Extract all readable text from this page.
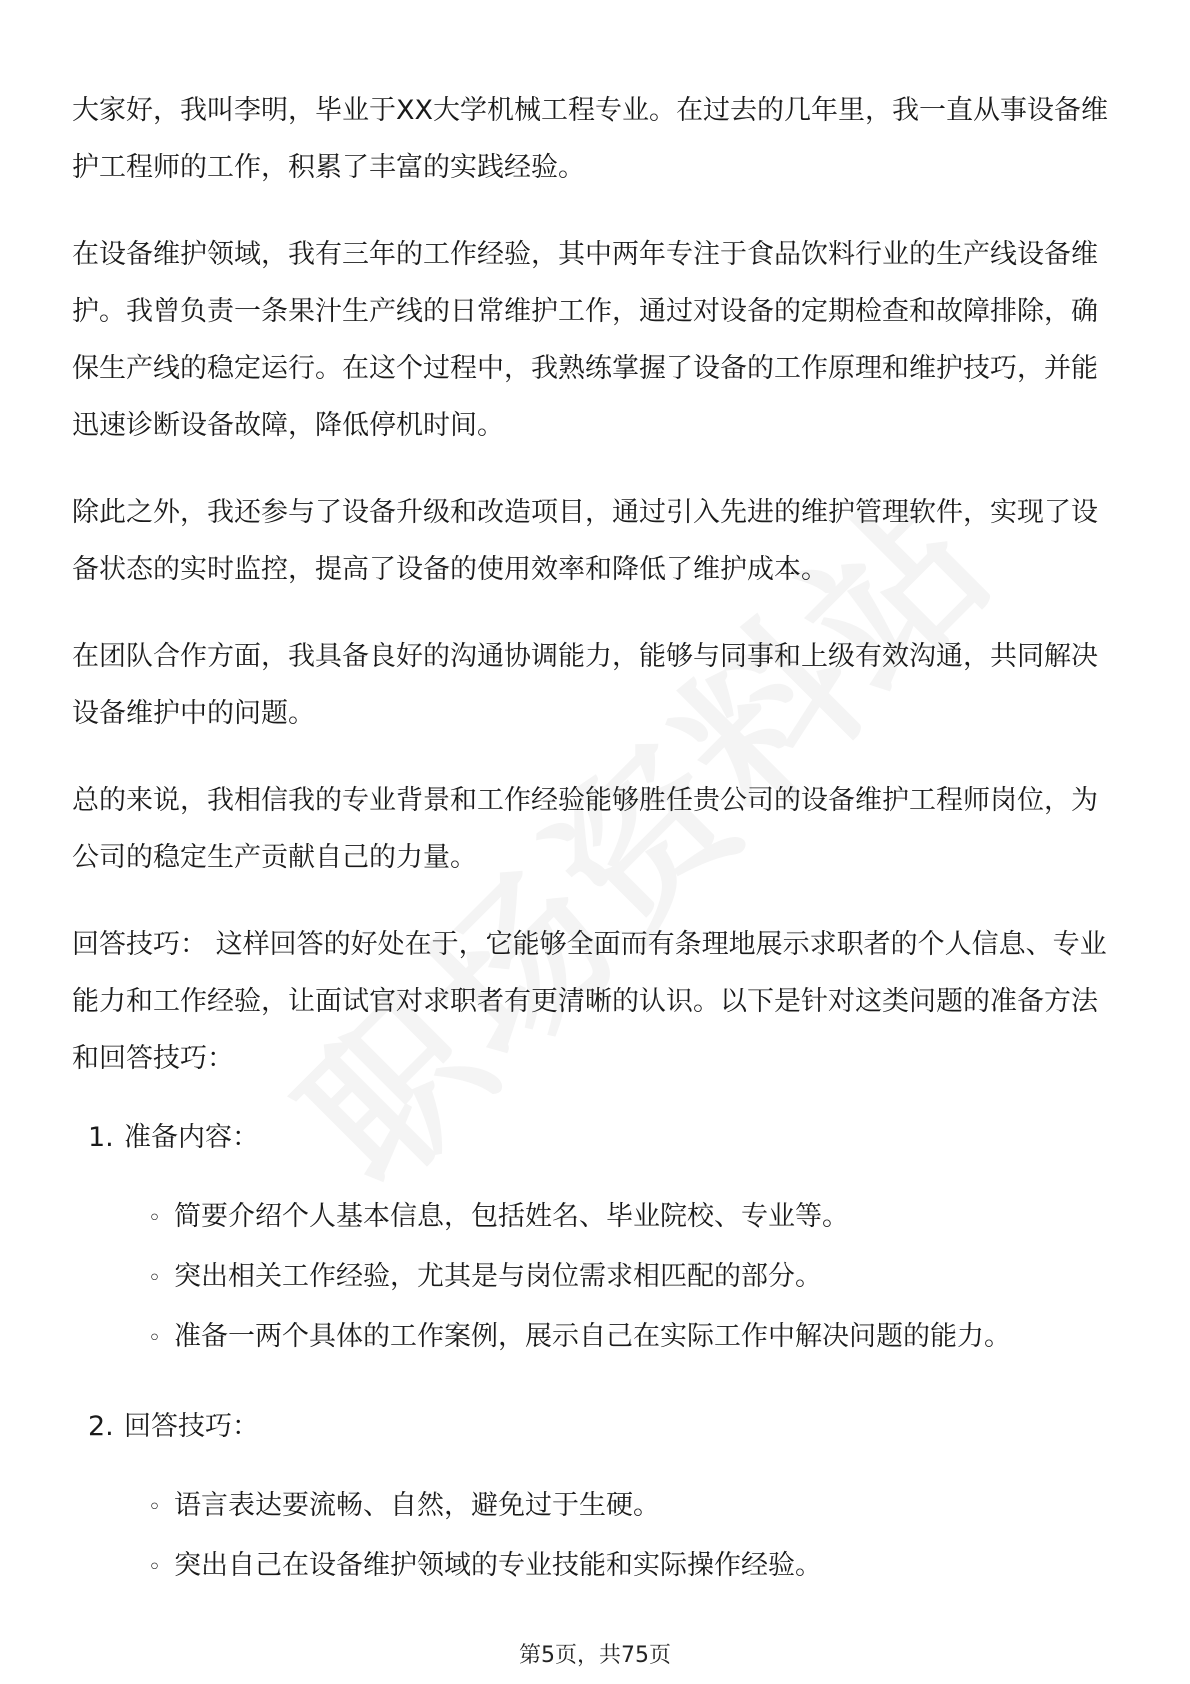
大家好，我叫李明，毕业于XX大学机械工程专业。在过去的几年里，我一直从事设备维护工程师的工作，积累了丰富的实践经验。

在设备维护领域，我有三年的工作经验，其中两年专注于食品饮料行业的生产线设备维护。我曾负责一条果汁生产线的日常维护工作，通过对设备的定期检查和故障排除，确保生产线的稳定运行。在这个过程中，我熟练掌握了设备的工作原理和维护技巧，并能迅速诊断设备故障，降低停机时间。

除此之外，我还参与了设备升级和改造项目，通过引入先进的维护管理软件，实现了设备状态的实时监控，提高了设备的使用效率和降低了维护成本。

在团队合作方面，我具备良好的沟通协调能力，能够与同事和上级有效沟通，共同解决设备维护中的问题。

总的来说，我相信我的专业背景和工作经验能够胜任贵公司的设备维护工程师岗位，为公司的稳定生产贡献自己的力量。

回答技巧： 这样回答的好处在于，它能够全面而有条理地展示求职者的个人信息、专业能力和工作经验，让面试官对求职者有更清晰的认识。以下是针对这类问题的准备方法和回答技巧：

1. 准备内容：
◦ 简要介绍个人基本信息，包括姓名、毕业院校、专业等。
◦ 突出相关工作经验，尤其是与岗位需求相匹配的部分。
◦ 准备一两个具体的工作案例，展示自己在实际工作中解决问题的能力。
2. 回答技巧：
◦ 语言表达要流畅、自然，避免过于生硬。
◦ 突出自己在设备维护领域的专业技能和实际操作经验。
第5页，共75页
